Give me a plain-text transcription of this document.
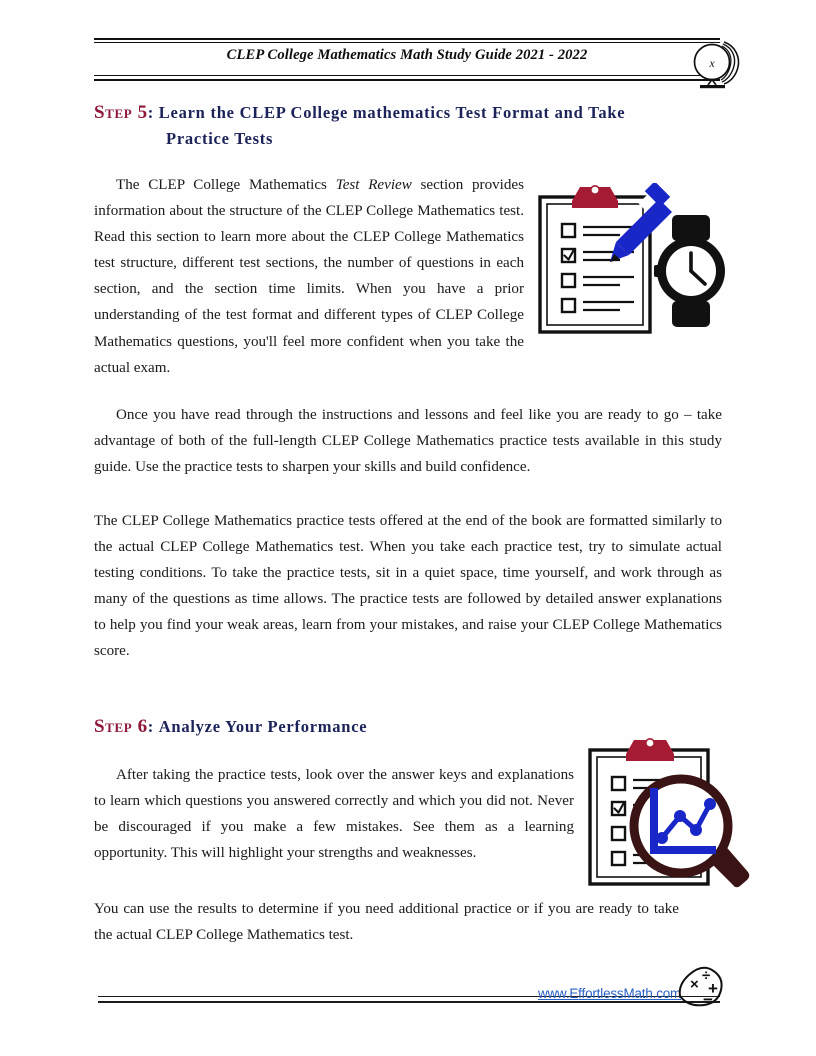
CLEP College Mathematics Math Study Guide 2021 - 2022	x
Step 5: Learn the CLEP College mathematics Test Format and Take
Practice Tests

The CLEP College Mathematics Test Review section provides information about the structure of the CLEP College Mathematics test. Read this section to learn more about the CLEP College Mathematics test structure, different test sections, the number of questions in each section, and the section time limits. When you have a prior understanding of the test format and different types of CLEP College Mathematics questions, you'll feel more confident when you take the actual exam.

Once you have read through the instructions and lessons and feel like you are ready to go – take advantage of both of the full-length CLEP College Mathematics practice tests available in this study guide. Use the practice tests to sharpen your skills and build confidence.

The CLEP College Mathematics practice tests offered at the end of the book are formatted similarly to the actual CLEP College Mathematics test. When you take each practice test, try to simulate actual testing conditions. To take the practice tests, sit in a quiet space, time yourself, and work through as many of the questions as time allows. The practice tests are followed by detailed answer explanations to help you find your weak areas, learn from your mistakes, and raise your CLEP College Mathematics score.

Step 6: Analyze Your Performance

After taking the practice tests, look over the answer keys and explanations to learn which questions you answered correctly and which you did not. Never be discouraged if you make a few mistakes. See them as a learning opportunity. This will highlight your strengths and weaknesses.

You can use the results to determine if you need additional practice or if you are ready to take the actual CLEP College Mathematics test.

www.EffortlessMath.com
×
÷
+
−
